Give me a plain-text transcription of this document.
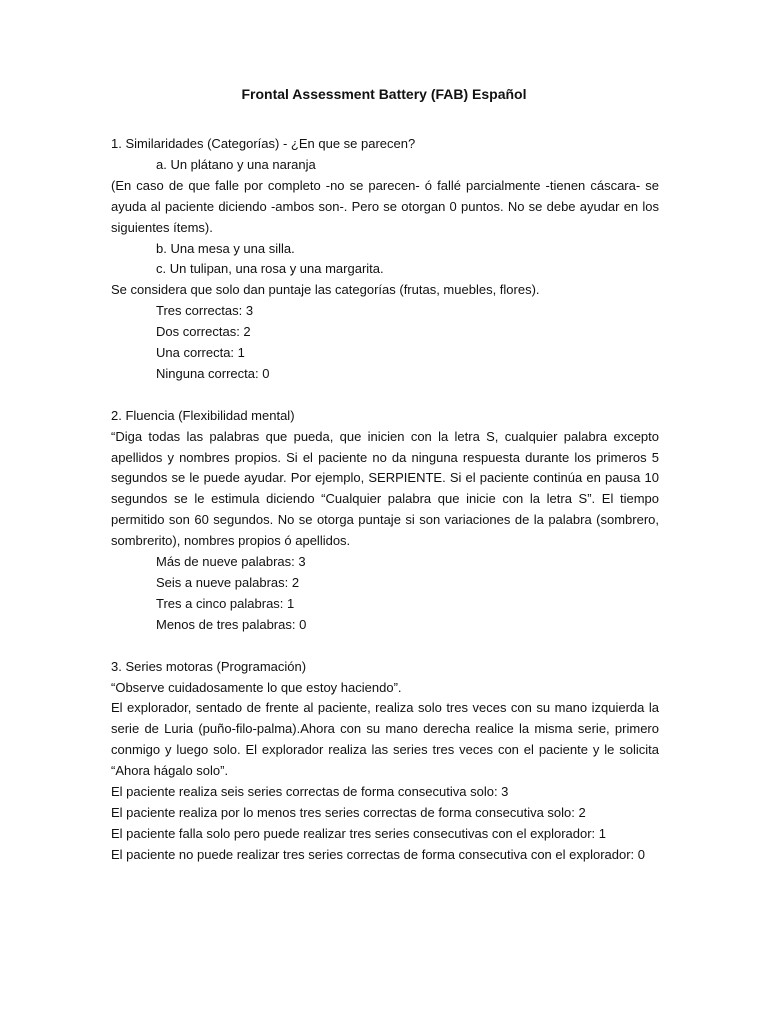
Frontal Assessment Battery (FAB) Español
1. Similaridades (Categorías) - ¿En que se parecen?
a. Un plátano y una naranja

(En caso de que falle por completo -no se parecen- ó fallé parcialmente -tienen cáscara- se ayuda al paciente diciendo -ambos son-. Pero se otorgan 0 puntos. No se debe ayudar en los siguientes ítems).

b. Una mesa y una silla.
c. Un tulipan, una rosa y una margarita.
Se considera que solo dan puntaje las categorías (frutas, muebles, flores).
Tres correctas: 3
Dos correctas: 2
Una correcta: 1
Ninguna correcta: 0
2. Fluencia (Flexibilidad mental)

“Diga todas las palabras que pueda, que inicien con la letra S, cualquier palabra excepto apellidos y nombres propios. Si el paciente no da ninguna respuesta durante los primeros 5 segundos se le puede ayudar. Por ejemplo, SERPIENTE. Si el paciente continúa en pausa 10 segundos se le estimula diciendo “Cualquier palabra que inicie con la letra S”. El tiempo permitido son 60 segundos. No se otorga puntaje si son variaciones de la palabra (sombrero, sombrerito), nombres propios ó apellidos.

Más de nueve palabras: 3
Seis a nueve palabras: 2
Tres a cinco palabras: 1
Menos de tres palabras: 0
3. Series motoras (Programación)
“Observe cuidadosamente lo que estoy haciendo”.

El explorador, sentado de frente al paciente, realiza solo tres veces con su mano izquierda la serie de Luria (puño-filo-palma).Ahora con su mano derecha realice la misma serie, primero conmigo y luego solo. El explorador realiza las series tres veces con el paciente y le solicita “Ahora hágalo solo”.

El paciente realiza seis series correctas de forma consecutiva solo: 3
El paciente realiza por lo menos tres series correctas de forma consecutiva solo: 2
El paciente falla solo pero puede realizar tres series consecutivas con el explorador: 1
El paciente no puede realizar tres series correctas de forma consecutiva con el explorador: 0
